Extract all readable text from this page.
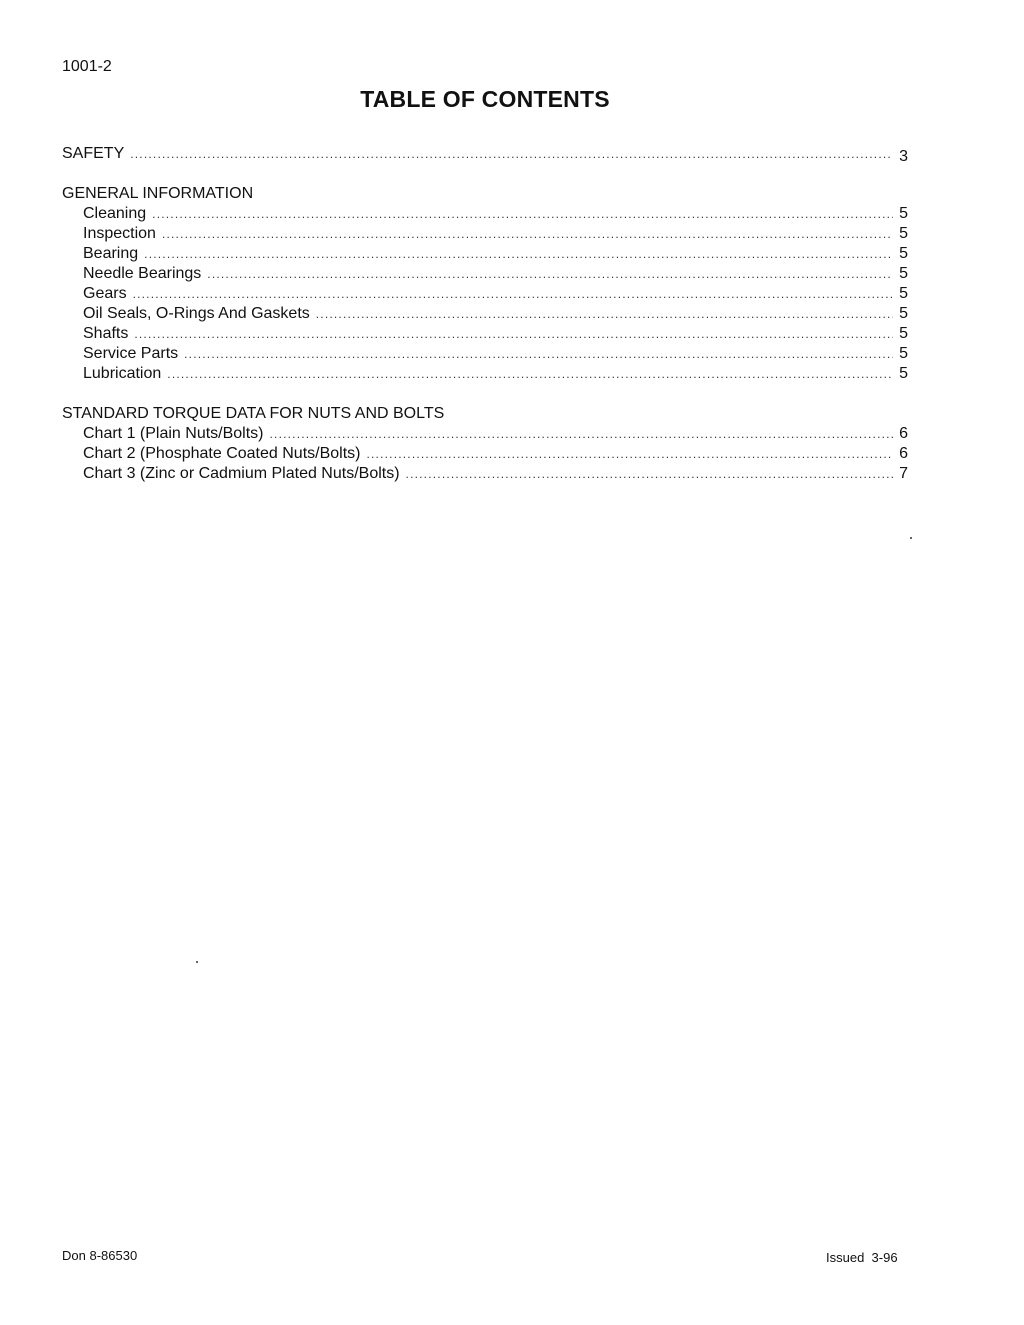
1001-2
TABLE OF CONTENTS
SAFETY .....	3
GENERAL INFORMATION
Cleaning .....	5
Inspection .....	5
Bearing .....	5
Needle Bearings .....	5
Gears .....	5
Oil Seals, O-Rings And Gaskets .....	5
Shafts .....	5
Service Parts .....	5
Lubrication .....	5
STANDARD TORQUE DATA FOR NUTS AND BOLTS
Chart 1 (Plain Nuts/Bolts) .....	6
Chart 2 (Phosphate Coated Nuts/Bolts) .....	6
Chart 3 (Zinc or Cadmium Plated Nuts/Bolts) .....	7
Don 8-86530	Issued  3-96
